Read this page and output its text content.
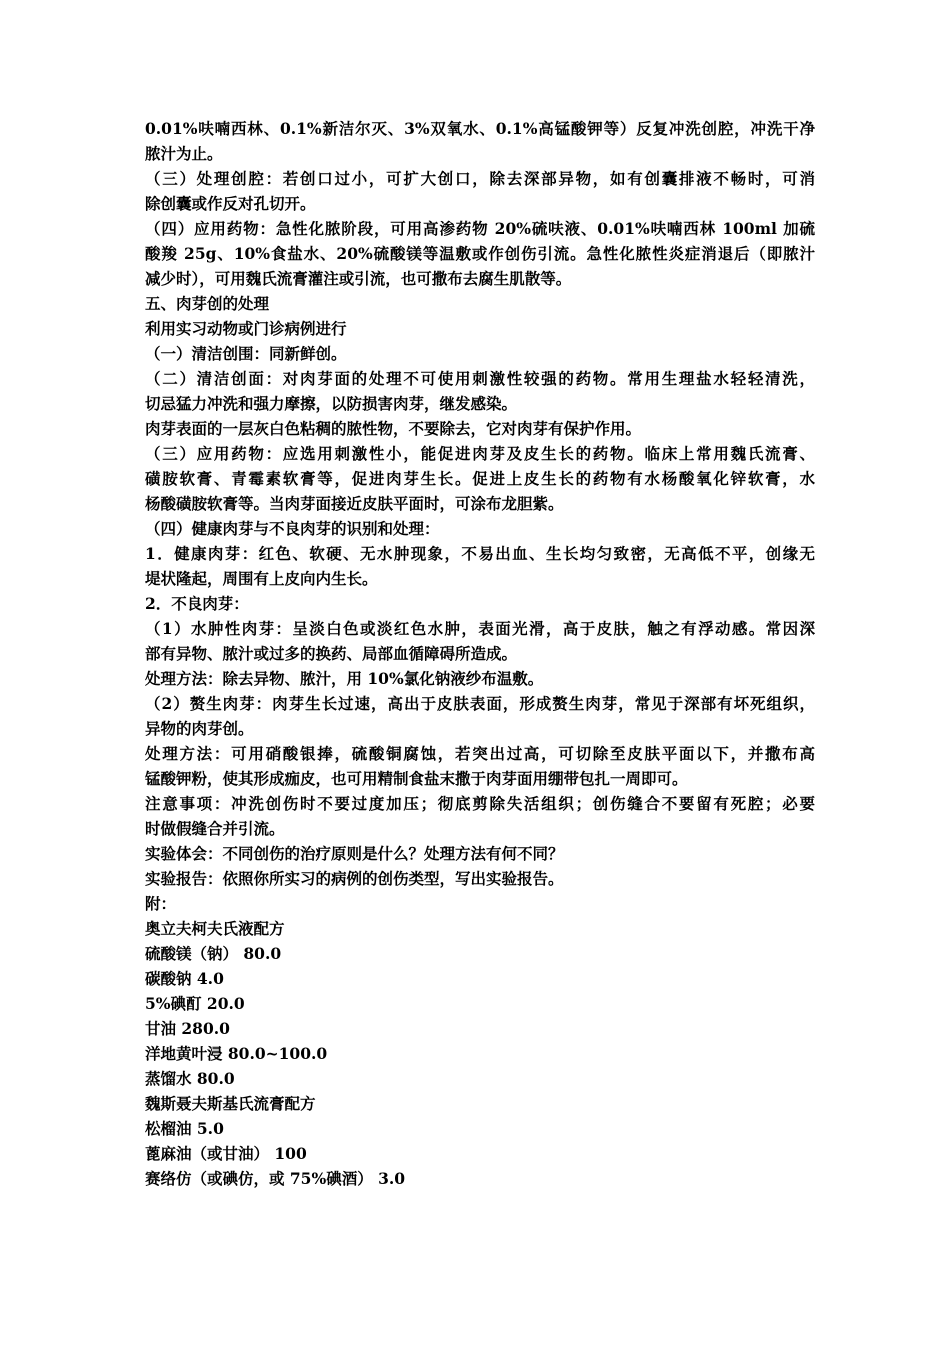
0.01%呋喃西林、0.1%新洁尔灭、3%双氧水、0.1%高锰酸钾等）反复冲洗创腔，冲洗干净
脓汁为止。
（三）处理创腔：若创口过小，可扩大创口，除去深部异物，如有创囊排液不畅时，可消
除创囊或作反对孔切开。
（四）应用药物：急性化脓阶段，可用高渗药物 20%硫呋液、0.01%呋喃西林 100ml 加硫
酸羧 25g、10%食盐水、20%硫酸镁等温敷或作创伤引流。急性化脓性炎症消退后（即脓汁
减少时），可用魏氏流膏灌注或引流，也可撒布去腐生肌散等。
五、肉芽创的处理
利用实习动物或门诊病例进行
（一）清洁创围：同新鲜创。
（二）清洁创面：对肉芽面的处理不可使用刺激性较强的药物。常用生理盐水轻轻清洗，
切忌猛力冲洗和强力摩擦，以防损害肉芽，继发感染。
肉芽表面的一层灰白色粘稠的脓性物，不要除去，它对肉芽有保护作用。
（三）应用药物：应选用刺激性小，能促进肉芽及皮生长的药物。临床上常用魏氏流膏、
磺胺软膏、青霉素软膏等，促进肉芽生长。促进上皮生长的药物有水杨酸氧化锌软膏，水
杨酸磺胺软膏等。当肉芽面接近皮肤平面时，可涂布龙胆紫。
（四）健康肉芽与不良肉芽的识别和处理：
1．健康肉芽：红色、软硬、无水肿现象，不易出血、生长均匀致密，无高低不平，创缘无
堤状隆起，周围有上皮向内生长。
2．不良肉芽：
（1）水肿性肉芽：呈淡白色或淡红色水肿，表面光滑，高于皮肤，触之有浮动感。常因深
部有异物、脓汁或过多的换药、局部血循障碍所造成。
处理方法：除去异物、脓汁，用 10%氯化钠液纱布温敷。
（2）赘生肉芽：肉芽生长过速，高出于皮肤表面，形成赘生肉芽，常见于深部有坏死组织，
异物的肉芽创。
处理方法：可用硝酸银捧，硫酸铜腐蚀，若突出过高，可切除至皮肤平面以下，并撒布高
锰酸钾粉，使其形成痂皮，也可用精制食盐末撒于肉芽面用绷带包扎一周即可。
注意事项：冲洗创伤时不要过度加压；彻底剪除失活组织；创伤缝合不要留有死腔；必要
时做假缝合并引流。
实验体会：不同创伤的治疗原则是什么？处理方法有何不同？
实验报告：依照你所实习的病例的创伤类型，写出实验报告。
附：
奥立夫柯夫氏液配方
硫酸镁（钠） 80.0
碳酸钠 4.0
5%碘酊 20.0
甘油 280.0
洋地黄叶浸 80.0~100.0
蒸馏水 80.0
魏斯聂夫斯基氏流膏配方
松榴油 5.0
蓖麻油（或甘油） 100
赛络仿（或碘仿，或 75%碘酒） 3.0
